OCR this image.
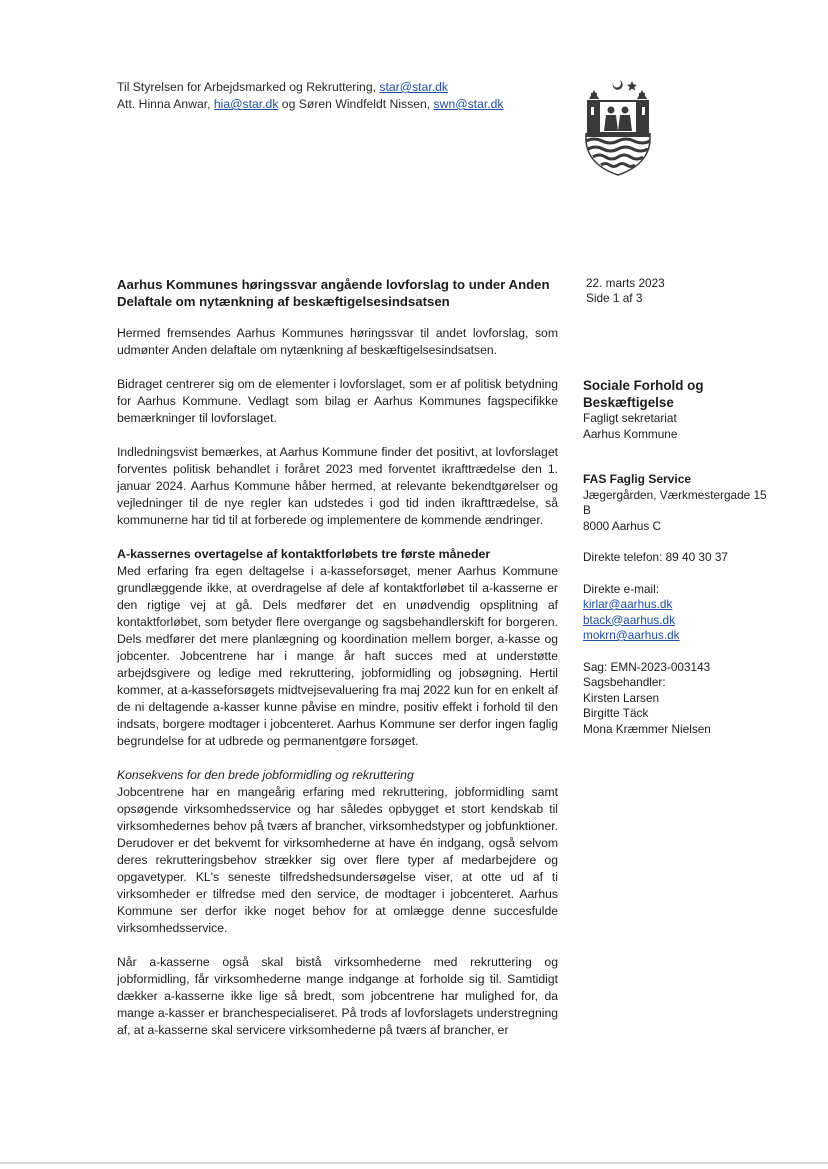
Til Styrelsen for Arbejdsmarked og Rekruttering, star@star.dk
Att. Hinna Anwar, hia@star.dk og Søren Windfeldt Nissen, swn@star.dk
Aarhus Kommunes høringssvar angående lovforslag to under Anden Delaftale om nytænkning af beskæftigelsesindsatsen
22. marts 2023
Side 1 af 3

Hermed fremsendes Aarhus Kommunes høringssvar til andet lovforslag, som udmønter Anden delaftale om nytænkning af beskæftigelsesindsatsen.

Bidraget centrerer sig om de elementer i lovforslaget, som er af politisk betydning for Aarhus Kommune. Vedlagt som bilag er Aarhus Kommunes fagspecifikke bemærkninger til lovforslaget.

Indledningsvist bemærkes, at Aarhus Kommune finder det positivt, at lovforslaget forventes politisk behandlet i foråret 2023 med forventet ikrafttrædelse den 1. januar 2024. Aarhus Kommune håber hermed, at relevante bekendtgørelser og vejledninger til de nye regler kan udstedes i god tid inden ikrafttrædelse, så kommunerne har tid til at forberede og implementere de kommende ændringer.

A-kassernes overtagelse af kontaktforløbets tre første måneder

Med erfaring fra egen deltagelse i a-kasseforsøget, mener Aarhus Kommune grundlæggende ikke, at overdragelse af dele af kontaktforløbet til a-kasserne er den rigtige vej at gå. Dels medfører det en unødvendig opsplitning af kontaktforløbet, som betyder flere overgange og sagsbehandlerskift for borgeren. Dels medfører det mere planlægning og koordination mellem borger, a-kasse og jobcenter. Jobcentrene har i mange år haft succes med at understøtte arbejdsgivere og ledige med rekruttering, jobformidling og jobsøgning. Hertil kommer, at a-kasseforsøgets midtvejsevaluering fra maj 2022 kun for en enkelt af de ni deltagende a-kasser kunne påvise en mindre, positiv effekt i forhold til den indsats, borgere modtager i jobcenteret. Aarhus Kommune ser derfor ingen faglig begrundelse for at udbrede og permanentgøre forsøget.

Konsekvens for den brede jobformidling og rekruttering

Jobcentrene har en mangeårig erfaring med rekruttering, jobformidling samt opsøgende virksomhedsservice og har således opbygget et stort kendskab til virksomhedernes behov på tværs af brancher, virksomhedstyper og jobfunktioner. Derudover er det bekvemt for virksomhederne at have én indgang, også selvom deres rekrutteringsbehov strækker sig over flere typer af medarbejdere og opgavetyper. KL's seneste tilfredshedsundersøgelse viser, at otte ud af ti virksomheder er tilfredse med den service, de modtager i jobcenteret. Aarhus Kommune ser derfor ikke noget behov for at omlægge denne succesfulde virksomhedsservice.

Når a-kasserne også skal bistå virksomhederne med rekruttering og jobformidling, får virksomhederne mange indgange at forholde sig til. Samtidigt dækker a-kasserne ikke lige så bredt, som jobcentrene har mulighed for, da mange a-kasser er branchespecialiseret. På trods af lovforslagets understregning af, at a-kasserne skal servicere virksomhederne på tværs af brancher, er

Sociale Forhold og Beskæftigelse
Fagligt sekretariat
Aarhus Kommune
FAS Faglig Service
Jægergården, Værkmestergade 15
B
8000 Aarhus C
Direkte telefon: 89 40 30 37
Direkte e-mail:
kirlar@aarhus.dk
btack@aarhus.dk
mokrn@aarhus.dk
Sag: EMN-2023-003143
Sagsbehandler:
Kirsten Larsen
Birgitte Täck
Mona Kræmmer Nielsen
